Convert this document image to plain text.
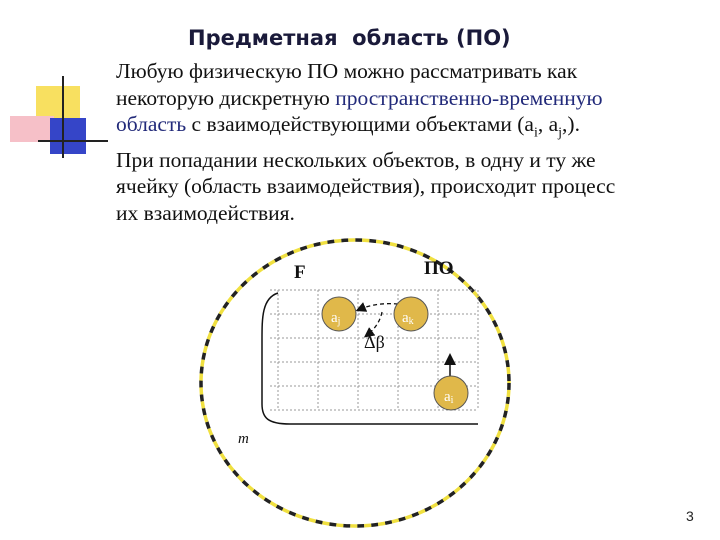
Предметная  область (ПО)
Любую физическую ПО можно рассматривать как
некоторую дискретную пространственно-временную
область с взаимодействующими объектами ($a_i$, $a_j$,).
При попадании нескольких объектов, в одну и ту же
ячейку (область взаимодействия), происходит процесс
их взаимодействия.
F	ПО
m
Δβ
aj	ak
ai
3
